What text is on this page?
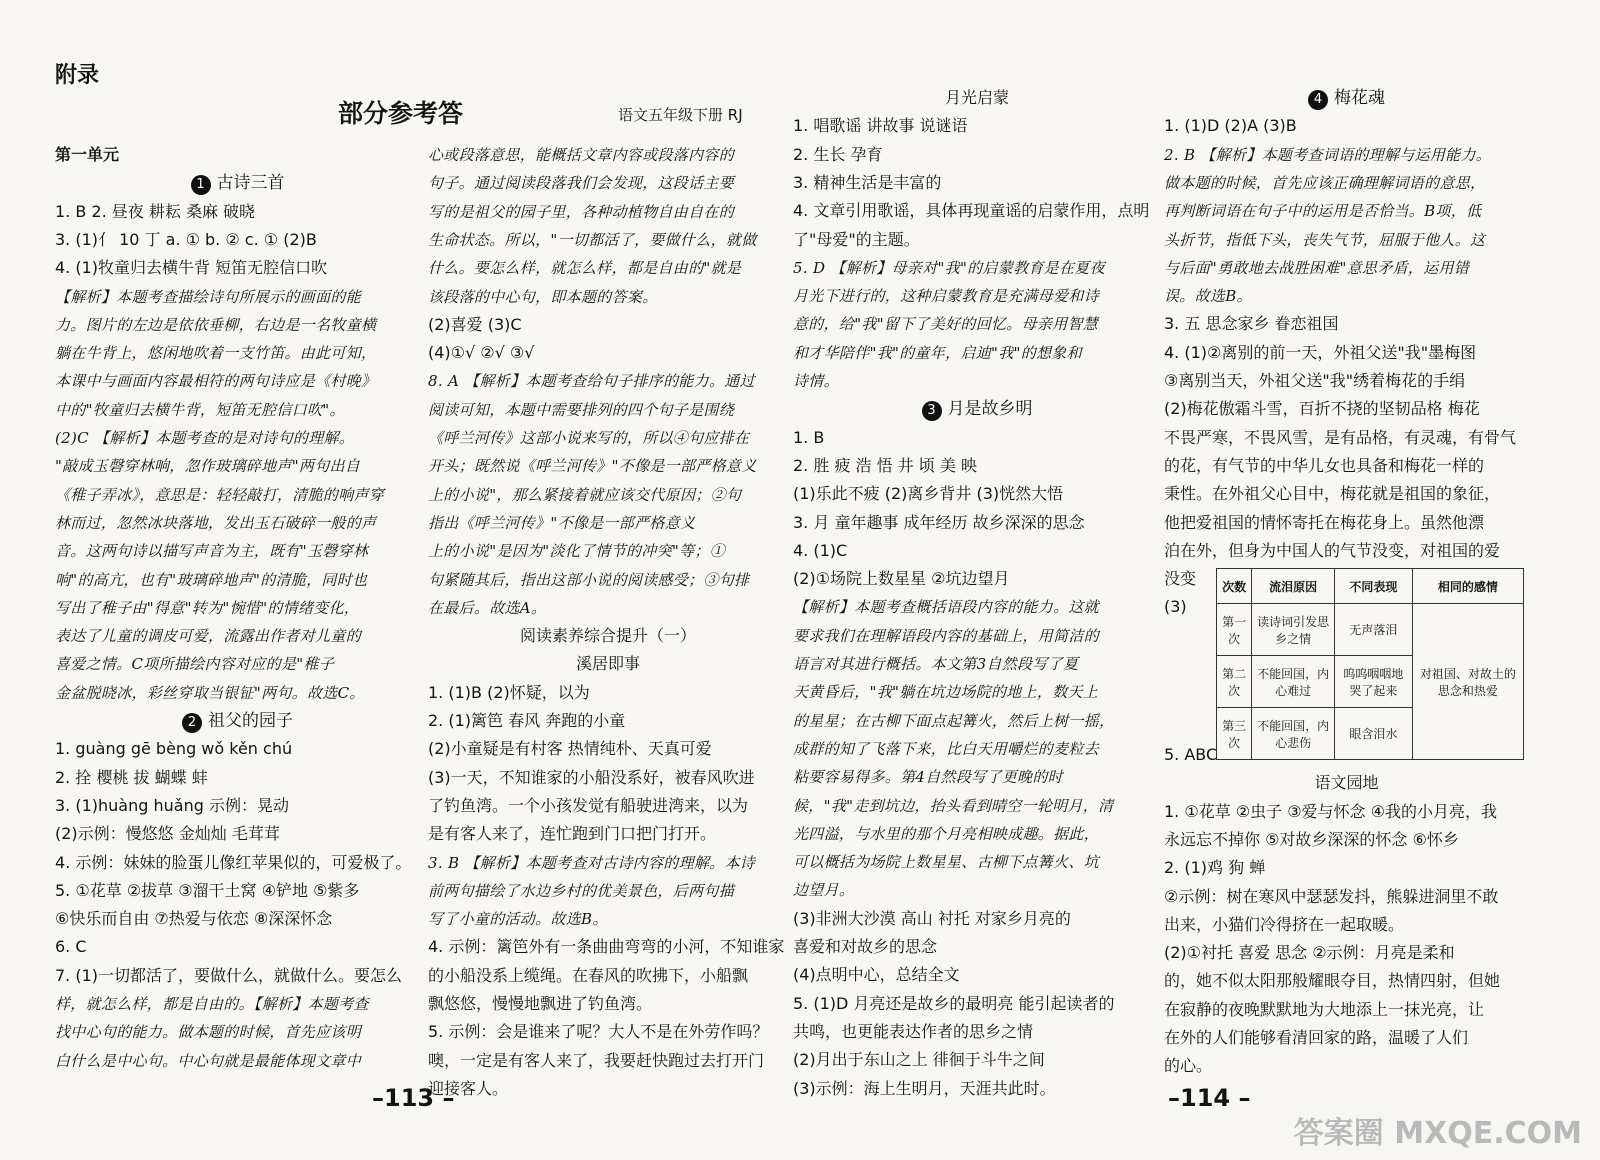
附录
部分参考答	语文五年级下册 RJ
第一单元
1 古诗三首
1. B 2. 昼夜 耕耘 桑麻 破晓
3. (1)亻 10 丁 a. ① b. ② c. ① (2)B
4. (1)牧童归去横牛背 短笛无腔信口吹
【解析】本题考查描绘诗句所展示的画面的能
力。图片的左边是依依垂柳，右边是一名牧童横
躺在牛背上，悠闲地吹着一支竹笛。由此可知，
本课中与画面内容最相符的两句诗应是《村晚》
中的"牧童归去横牛背，短笛无腔信口吹"。
(2)C 【解析】本题考查的是对诗句的理解。
"敲成玉磬穿林响，忽作玻璃碎地声"两句出自
《稚子弄冰》，意思是：轻轻敲打，清脆的响声穿
林而过，忽然冰块落地，发出玉石破碎一般的声
音。这两句诗以描写声音为主，既有"玉磬穿林
响"的高亢，也有"玻璃碎地声"的清脆，同时也
写出了稚子由"得意"转为"惋惜"的情绪变化，
表达了儿童的调皮可爱，流露出作者对儿童的
喜爱之情。C项所描绘内容对应的是"稚子
金盆脱晓冰，彩丝穿取当银钲"两句。故选C。
2 祖父的园子
1. guàng gē bèng wǒ kěn chú
2. 拴 樱桃 拔 蝴蝶 蚌
3. (1)huàng huǎng 示例：晃动
(2)示例：慢悠悠 金灿灿 毛茸茸
4. 示例：妹妹的脸蛋儿像红苹果似的，可爱极了。
5. ①花草 ②拔草 ③溜干土窝 ④铲地 ⑤紫多
⑥快乐而自由 ⑦热爱与依恋 ⑧深深怀念
6. C
7. (1)一切都活了，要做什么，就做什么。要怎么
样，就怎么样，都是自由的。【解析】本题考查
找中心句的能力。做本题的时候，首先应该明
白什么是中心句。中心句就是最能体现文章中
心或段落意思，能概括文章内容或段落内容的
句子。通过阅读段落我们会发现，这段话主要
写的是祖父的园子里，各种动植物自由自在的
生命状态。所以，"一切都活了，要做什么，就做
什么。要怎么样，就怎么样，都是自由的"就是
该段落的中心句，即本题的答案。
(2)喜爱 (3)C
(4)①√ ②√ ③√
8. A 【解析】本题考查给句子排序的能力。通过
阅读可知，本题中需要排列的四个句子是围绕
《呼兰河传》这部小说来写的，所以④句应排在
开头；既然说《呼兰河传》"不像是一部严格意义
上的小说"，那么紧接着就应该交代原因；②句
指出《呼兰河传》"不像是一部严格意义
上的小说"是因为"淡化了情节的冲突"等；①
句紧随其后，指出这部小说的阅读感受；③句排
在最后。故选A。
阅读素养综合提升（一）
溪居即事
1. (1)B (2)怀疑，以为
2. (1)篱笆 春风 奔跑的小童
(2)小童疑是有村客 热情纯朴、天真可爱
(3)一天，不知谁家的小船没系好，被春风吹进
了钓鱼湾。一个小孩发觉有船驶进湾来，以为
是有客人来了，连忙跑到门口把门打开。
3. B 【解析】本题考查对古诗内容的理解。本诗
前两句描绘了水边乡村的优美景色，后两句描
写了小童的活动。故选B。
4. 示例：篱笆外有一条曲曲弯弯的小河，不知谁家
的小船没系上缆绳。在春风的吹拂下，小船飘
飘悠悠，慢慢地飘进了钓鱼湾。
5. 示例：会是谁来了呢？大人不是在外劳作吗？
噢，一定是有客人来了，我要赶快跑过去打开门
迎接客人。
月光启蒙
1. 唱歌谣 讲故事 说谜语
2. 生长 孕育
3. 精神生活是丰富的
4. 文章引用歌谣，具体再现童谣的启蒙作用，点明
了"母爱"的主题。
5. D 【解析】母亲对"我"的启蒙教育是在夏夜
月光下进行的，这种启蒙教育是充满母爱和诗
意的，给"我"留下了美好的回忆。母亲用智慧
和才华陪伴"我"的童年，启迪"我"的想象和
诗情。
3 月是故乡明
1. B
2. 胜 疲 浩 悟 井 顷 美 映
(1)乐此不疲 (2)离乡背井 (3)恍然大悟
3. 月 童年趣事 成年经历 故乡深深的思念
4. (1)C
(2)①场院上数星星 ②坑边望月
【解析】本题考查概括语段内容的能力。这就
要求我们在理解语段内容的基础上，用简洁的
语言对其进行概括。本文第3自然段写了夏
天黄昏后，"我"躺在坑边场院的地上，数天上
的星星；在古柳下面点起篝火，然后上树一摇，
成群的知了飞落下来，比白天用嚼烂的麦粒去
粘要容易得多。第4自然段写了更晚的时
候，"我"走到坑边，抬头看到晴空一轮明月，清
光四溢，与水里的那个月亮相映成趣。据此，
可以概括为场院上数星星、古柳下点篝火、坑
边望月。
(3)非洲大沙漠 高山 衬托 对家乡月亮的
喜爱和对故乡的思念
(4)点明中心，总结全文
5. (1)D 月亮还是故乡的最明亮 能引起读者的
共鸣，也更能表达作者的思乡之情
(2)月出于东山之上 徘徊于斗牛之间
(3)示例：海上生明月，天涯共此时。
4 梅花魂
1. (1)D (2)A (3)B
2. B 【解析】本题考查词语的理解与运用能力。
做本题的时候，首先应该正确理解词语的意思，
再判断词语在句子中的运用是否恰当。B项，低
头折节，指低下头，丧失气节，屈服于他人。这
与后面"勇敢地去战胜困难"意思矛盾，运用错
误。故选B。
3. 五 思念家乡 眷恋祖国
4. (1)②离别的前一天，外祖父送"我"墨梅图
③离别当天，外祖父送"我"绣着梅花的手绢
(2)梅花傲霜斗雪，百折不挠的坚韧品格 梅花
不畏严寒，不畏风雪，是有品格，有灵魂，有骨气
的花，有气节的中华儿女也具备和梅花一样的
秉性。在外祖父心目中，梅花就是祖国的象征，
他把爱祖国的情怀寄托在梅花身上。虽然他漂
泊在外，但身为中国人的气节没变，对祖国的爱
没变
(3)
5. ABC
语文园地
1. ①花草 ②虫子 ③爱与怀念 ④我的小月亮，我
永远忘不掉你 ⑤对故乡深深的怀念 ⑥怀乡
2. (1)鸡 狗 蝉
②示例：树在寒风中瑟瑟发抖，熊躲进洞里不敢
出来，小猫们冷得挤在一起取暖。
(2)①衬托 喜爱 思念 ②示例：月亮是柔和
的，她不似太阳那般耀眼夺目，热情四射，但她
在寂静的夜晚默默地为大地添上一抹光亮，让
在外的人们能够看清回家的路，温暖了人们
的心。
次数	流泪原因	不同表现	相同的感情
第一次	读诗词引发思乡之情	无声落泪	对祖国、对故土的思念和热爱
第二次	不能回国，内心难过	呜呜咽咽地哭了起来	
第三次	不能回国，内心悲伤	眼含泪水	
–113 –	–114 –
答案圈 MXQE.COM
